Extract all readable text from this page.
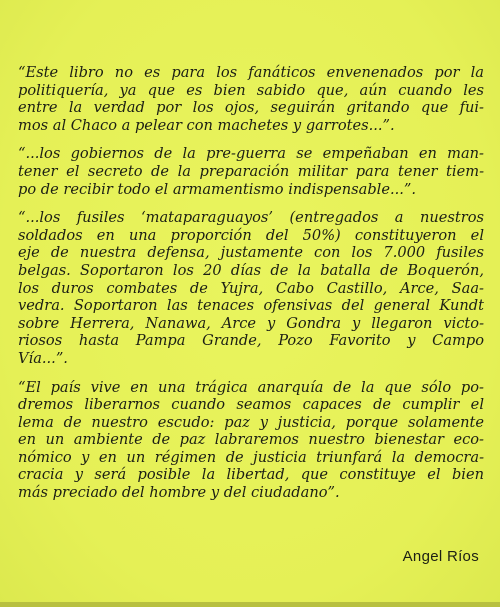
“Este libro no es para los fanáticos envenenados por la
politiquería, ya que es bien sabido que, aún cuando les
entre la verdad por los ojos, seguirán gritando que fui-
mos al Chaco a pelear con machetes y garrotes...”.

“...los gobiernos de la pre-guerra se empeñaban en man-
tener el secreto de la preparación militar para tener tiem-
po de recibir todo el armamentismo indispensable...”.

“...los fusiles ‘mataparaguayos’ (entregados a nuestros
soldados en una proporción del 50%) constituyeron el
eje de nuestra defensa, justamente con los 7.000 fusiles
belgas. Soportaron los 20 días de la batalla de Boquerón,
los duros combates de Yujra, Cabo Castillo, Arce, Saa-
vedra. Soportaron las tenaces ofensivas del general Kundt
sobre Herrera, Nanawa, Arce y Gondra y llegaron victo-
riosos hasta Pampa Grande, Pozo Favorito y Campo
Vía...”.

“El país vive en una trágica anarquía de la que sólo po-
dremos liberarnos cuando seamos capaces de cumplir el
lema de nuestro escudo: paz y justicia, porque solamente
en un ambiente de paz labraremos nuestro bienestar eco-
nómico y en un régimen de justicia triunfará la democra-
cracia y será posible la libertad, que constituye el bien
más preciado del hombre y del ciudadano”.

Angel Ríos
